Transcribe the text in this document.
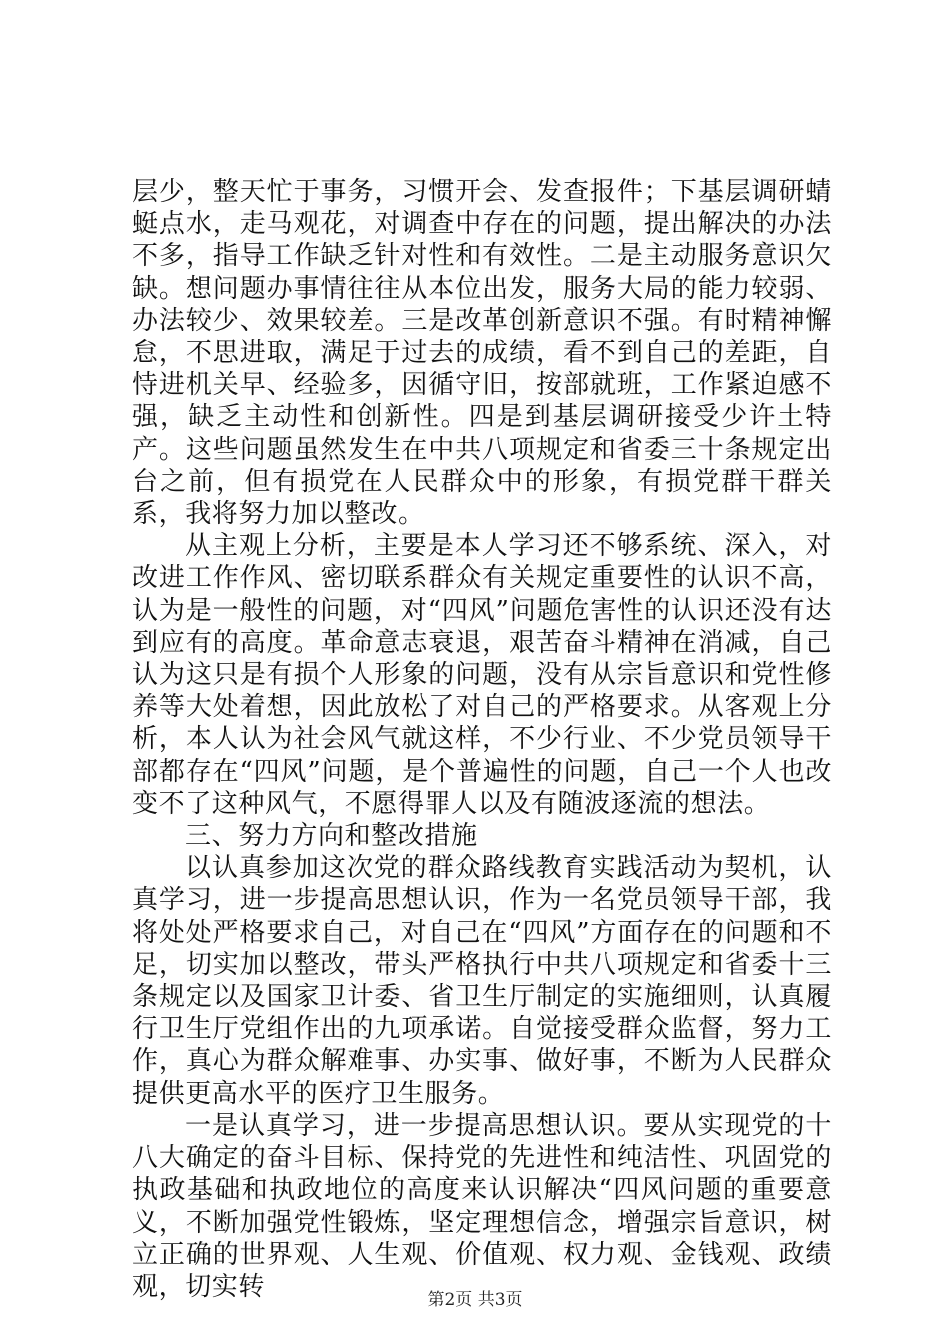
层少，整天忙于事务，习惯开会、发查报件；下基层调研蜻蜓点水，走马观花，对调查中存在的问题，提出解决的办法不多，指导工作缺乏针对性和有效性。二是主动服务意识欠缺。想问题办事情往往从本位出发，服务大局的能力较弱、办法较少、效果较差。三是改革创新意识不强。有时精神懈怠，不思进取，满足于过去的成绩，看不到自己的差距，自恃进机关早、经验多，因循守旧，按部就班，工作紧迫感不强，缺乏主动性和创新性。四是到基层调研接受少许土特产。这些问题虽然发生在中共八项规定和省委三十条规定出台之前，但有损党在人民群众中的形象，有损党群干群关系，我将努力加以整改。

从主观上分析，主要是本人学习还不够系统、深入，对改进工作作风、密切联系群众有关规定重要性的认识不高，认为是一般性的问题，对“四风”问题危害性的认识还没有达到应有的高度。革命意志衰退，艰苦奋斗精神在消减，自己认为这只是有损个人形象的问题，没有从宗旨意识和党性修养等大处着想，因此放松了对自己的严格要求。从客观上分析，本人认为社会风气就这样，不少行业、不少党员领导干部都存在“四风”问题，是个普遍性的问题，自己一个人也改变不了这种风气，不愿得罪人以及有随波逐流的想法。

三、努力方向和整改措施

以认真参加这次党的群众路线教育实践活动为契机，认真学习，进一步提高思想认识，作为一名党员领导干部，我将处处严格要求自己，对自己在“四风”方面存在的问题和不足，切实加以整改，带头严格执行中共八项规定和省委十三条规定以及国家卫计委、省卫生厅制定的实施细则，认真履行卫生厅党组作出的九项承诺。自觉接受群众监督，努力工作，真心为群众解难事、办实事、做好事，不断为人民群众提供更高水平的医疗卫生服务。

一是认真学习，进一步提高思想认识。要从实现党的十八大确定的奋斗目标、保持党的先进性和纯洁性、巩固党的执政基础和执政地位的高度来认识解决“四风问题的重要意义，不断加强党性锻炼，坚定理想信念，增强宗旨意识，树立正确的世界观、人生观、价值观、权力观、金钱观、政绩观，切实转	第2页 共3页
